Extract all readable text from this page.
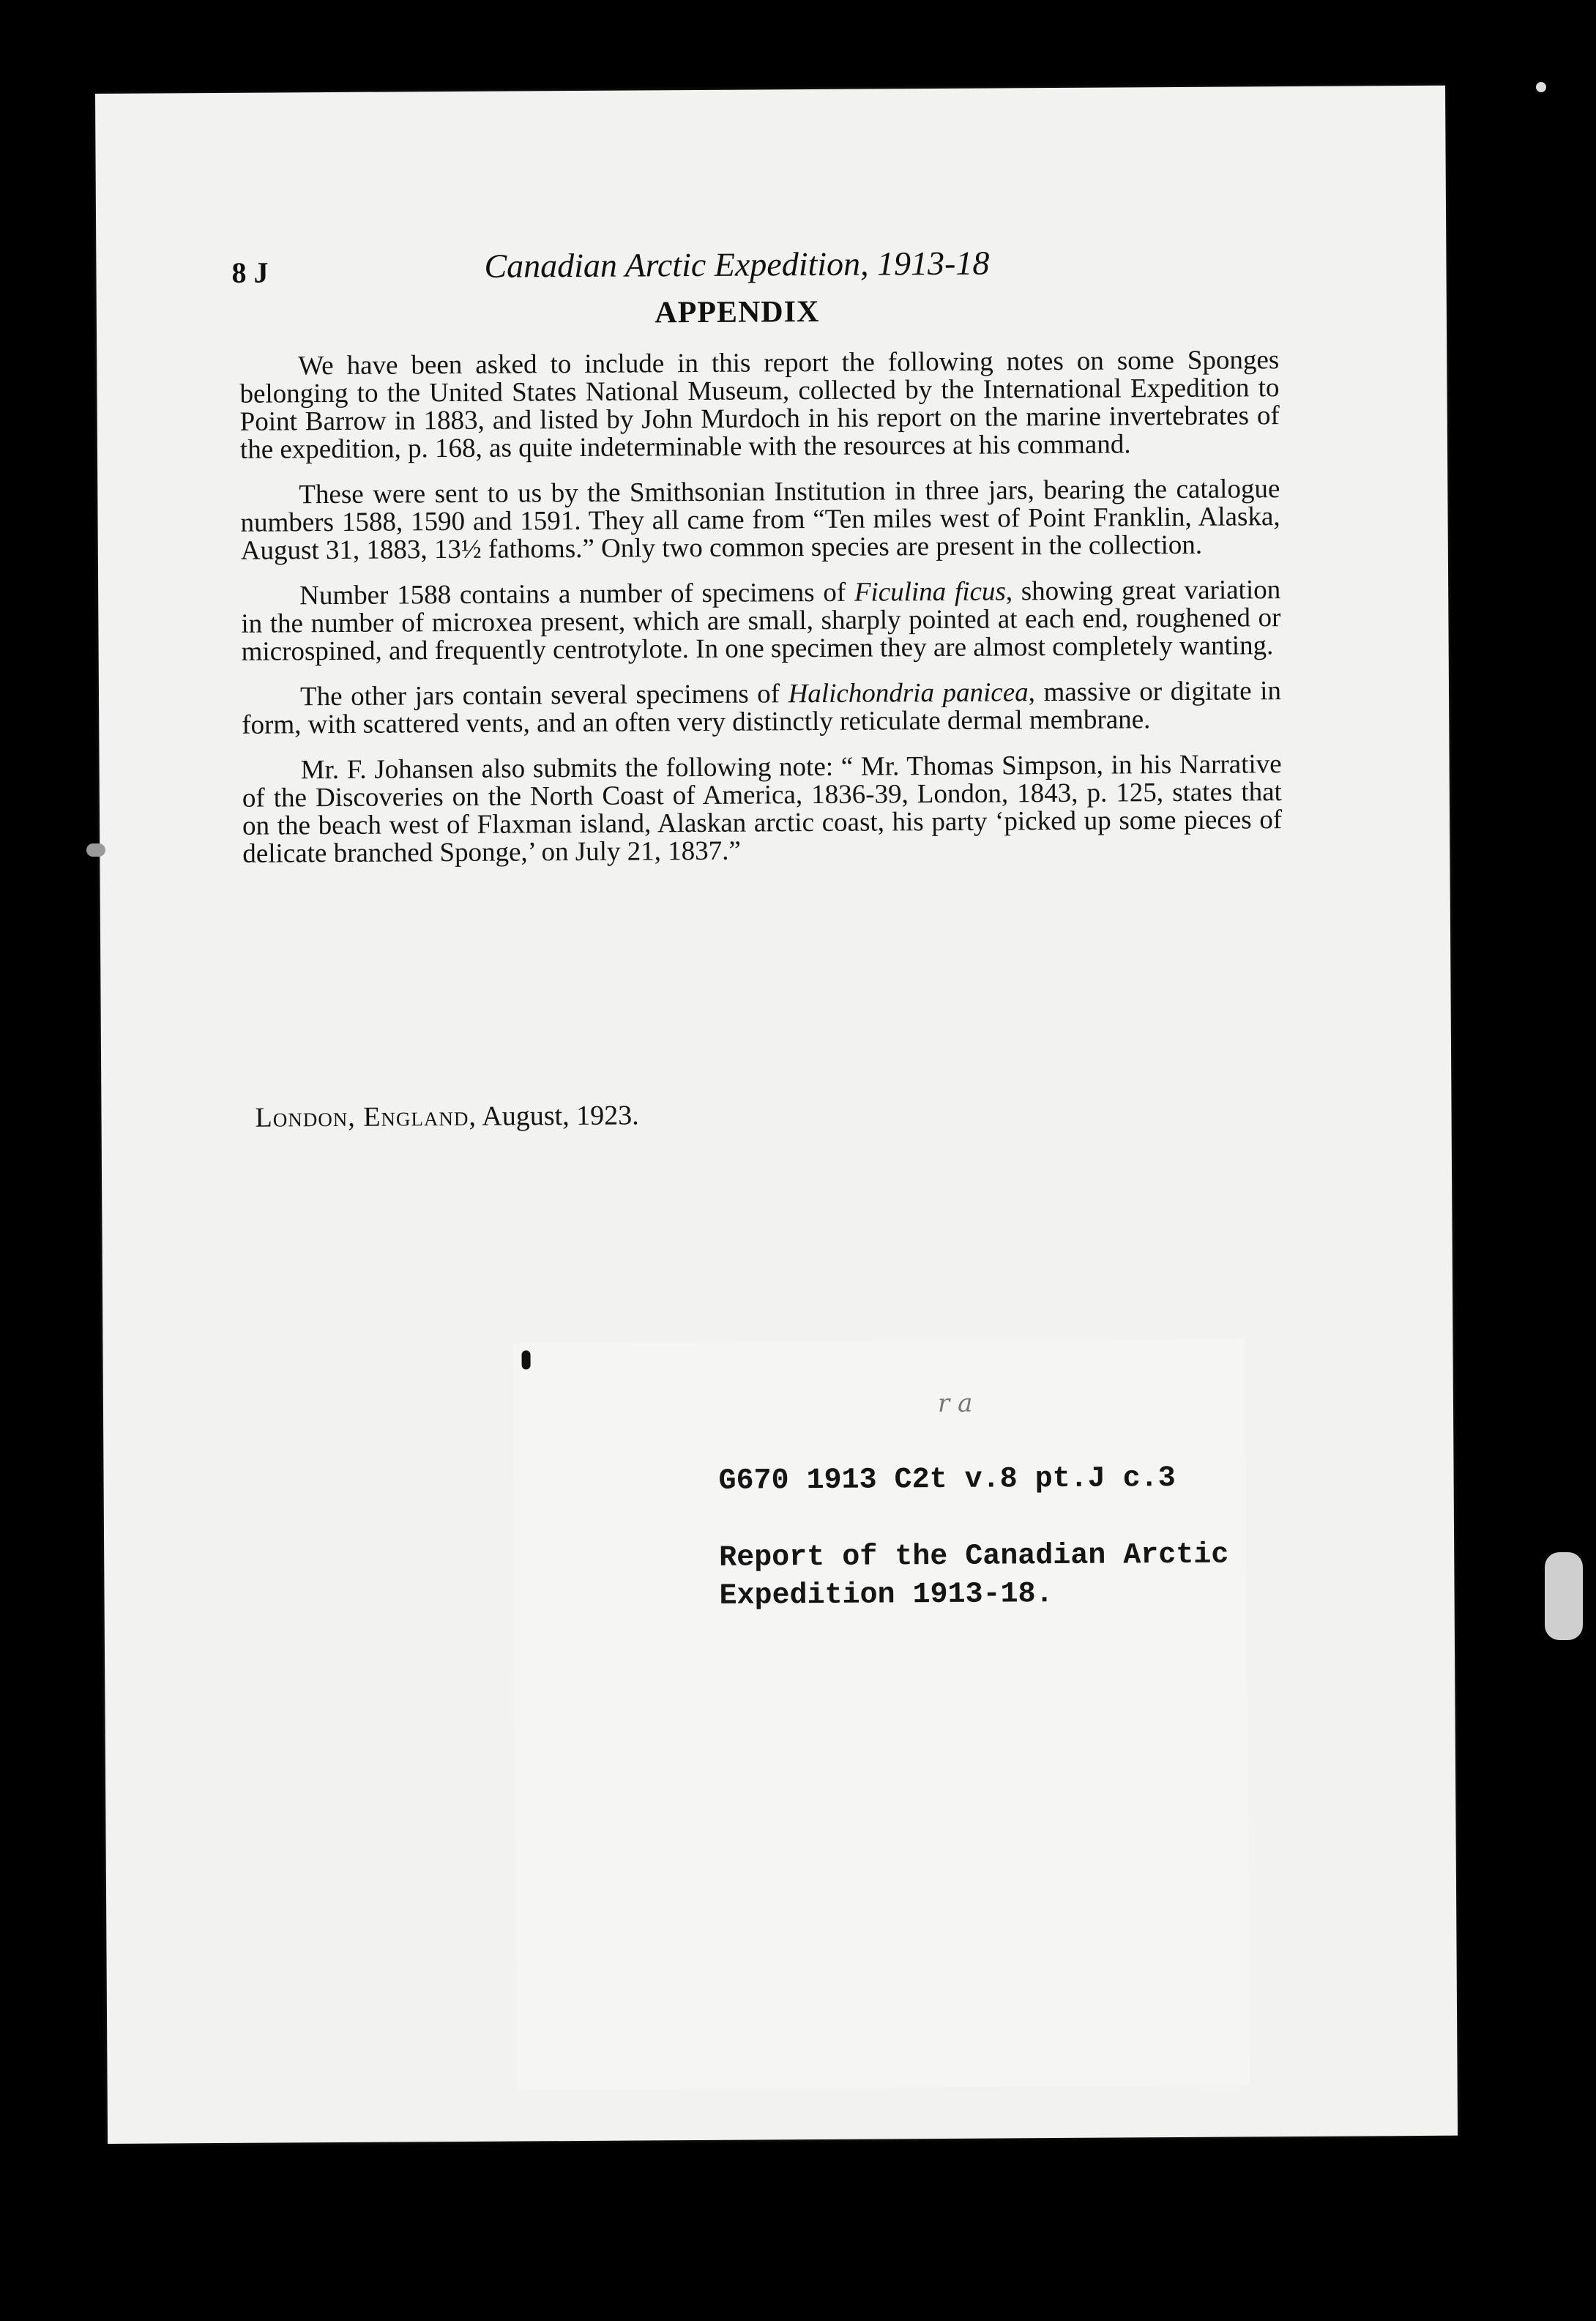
8 J	Canadian Arctic Expedition, 1913-18
APPENDIX

We have been asked to include in this report the following notes on some Sponges belonging to the United States National Museum, collected by the International Expedition to Point Barrow in 1883, and listed by John Murdoch in his report on the marine invertebrates of the expedition, p. 168, as quite indeterminable with the resources at his command.

These were sent to us by the Smithsonian Institution in three jars, bearing the catalogue numbers 1588, 1590 and 1591. They all came from “Ten miles west of Point Franklin, Alaska, August 31, 1883, 13½ fathoms.” Only two common species are present in the collection.

Number 1588 contains a number of specimens of Ficulina ficus, showing great variation in the number of microxea present, which are small, sharply pointed at each end, roughened or microspined, and frequently centrotylote. In one specimen they are almost completely wanting.

The other jars contain several specimens of Halichondria panicea, massive or digitate in form, with scattered vents, and an often very distinctly reticulate dermal membrane.

Mr. F. Johansen also submits the following note: “ Mr. Thomas Simpson, in his Narrative of the Discoveries on the North Coast of America, 1836-39, London, 1843, p. 125, states that on the beach west of Flaxman island, Alaskan arctic coast, his party ‘picked up some pieces of delicate branched Sponge,’ on July 21, 1837.”

London, England, August, 1923.
r a
G670 1913 C2t v.8 pt.J c.3
Report of the Canadian Arctic
Expedition 1913-18.
